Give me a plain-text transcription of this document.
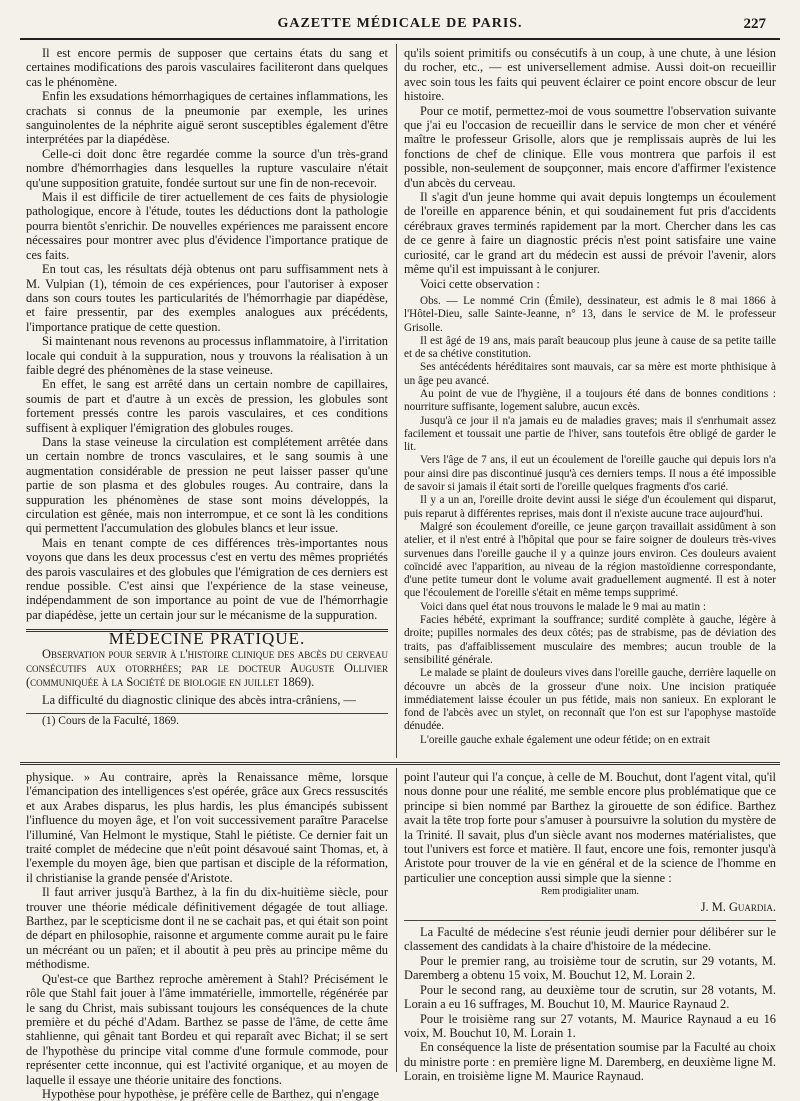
GAZETTE MÉDICALE DE PARIS.	227

Il est encore permis de supposer que certains états du sang et certaines modifications des parois vasculaires faciliteront dans quelques cas le phénomène.

Enfin les exsudations hémorrhagiques de certaines inflammations, les crachats si connus de la pneumonie par exemple, les urines sanguinolentes de la néphrite aiguë seront susceptibles également d'être interprétées par la diapédèse.

Celle-ci doit donc être regardée comme la source d'un très-grand nombre d'hémorrhagies dans lesquelles la rupture vasculaire n'était qu'une supposition gratuite, fondée surtout sur une fin de non-recevoir.

Mais il est difficile de tirer actuellement de ces faits de physiologie pathologique, encore à l'étude, toutes les déductions dont la pathologie pourra bientôt s'enrichir. De nouvelles expériences me paraissent encore nécessaires pour montrer avec plus d'évidence l'importance pratique de ces faits.

En tout cas, les résultats déjà obtenus ont paru suffisamment nets à M. Vulpian (1), témoin de ces expériences, pour l'autoriser à exposer dans son cours toutes les particularités de l'hémorrhagie par diapédèse, et faire pressentir, par des exemples analogues aux précédents, l'importance pratique de cette question.

Si maintenant nous revenons au processus inflammatoire, à l'irritation locale qui conduit à la suppuration, nous y trouvons la réalisation à un faible degré des phénomènes de la stase veineuse.

En effet, le sang est arrêté dans un certain nombre de capillaires, soumis de part et d'autre à un excès de pression, les globules sont fortement pressés contre les parois vasculaires, et ces conditions suffisent à expliquer l'émigration des globules rouges.

Dans la stase veineuse la circulation est complétement arrêtée dans un certain nombre de troncs vasculaires, et le sang soumis à une augmentation considérable de pression ne peut laisser passer qu'une partie de son plasma et des globules rouges. Au contraire, dans la suppuration les phénomènes de stase sont moins développés, la circulation est gênée, mais non interrompue, et ce sont là les conditions qui permettent l'accumulation des globules blancs et leur issue.

Mais en tenant compte de ces différences très-importantes nous voyons que dans les deux processus c'est en vertu des mêmes propriétés des parois vasculaires et des globules que l'émigration de ces derniers est rendue possible. C'est ainsi que l'expérience de la stase veineuse, indépendamment de son importance au point de vue de l'hémorrhagie par diapédèse, jette un certain jour sur le mécanisme de la suppuration.

MÉDECINE PRATIQUE.

Observation pour servir à l'histoire clinique des abcès du cerveau consécutifs aux otorrhées; par le docteur Auguste Ollivier (communiquée à la Société de biologie en juillet 1869).

La difficulté du diagnostic clinique des abcès intra-crâniens, —

(1) Cours de la Faculté, 1869.

qu'ils soient primitifs ou consécutifs à un coup, à une chute, à une lésion du rocher, etc., — est universellement admise. Aussi doit-on recueillir avec soin tous les faits qui peuvent éclairer ce point encore obscur de leur histoire.

Pour ce motif, permettez-moi de vous soumettre l'observation suivante que j'ai eu l'occasion de recueillir dans le service de mon cher et vénéré maître le professeur Grisolle, alors que je remplissais auprès de lui les fonctions de chef de clinique. Elle vous montrera que parfois il est possible, non-seulement de soupçonner, mais encore d'affirmer l'existence d'un abcès du cerveau.

Il s'agit d'un jeune homme qui avait depuis longtemps un écoulement de l'oreille en apparence bénin, et qui soudainement fut pris d'accidents cérébraux graves terminés rapidement par la mort. Chercher dans les cas de ce genre à faire un diagnostic précis n'est point satisfaire une vaine curiosité, car le grand art du médecin est aussi de prévoir l'avenir, alors même qu'il est impuissant à le conjurer.

Voici cette observation :

Obs. — Le nommé Crin (Émile), dessinateur, est admis le 8 mai 1866 à l'Hôtel-Dieu, salle Sainte-Jeanne, n° 13, dans le service de M. le professeur Grisolle.

Il est âgé de 19 ans, mais paraît beaucoup plus jeune à cause de sa petite taille et de sa chétive constitution.

Ses antécédents héréditaires sont mauvais, car sa mère est morte phthisique à un âge peu avancé.

Au point de vue de l'hygiène, il a toujours été dans de bonnes conditions : nourriture suffisante, logement salubre, aucun excès.

Jusqu'à ce jour il n'a jamais eu de maladies graves; mais il s'enrhumait assez facilement et toussait une partie de l'hiver, sans toutefois être obligé de garder le lit.

Vers l'âge de 7 ans, il eut un écoulement de l'oreille gauche qui depuis lors n'a pour ainsi dire pas discontinué jusqu'à ces derniers temps. Il nous a été impossible de savoir si jamais il était sorti de l'oreille quelques fragments d'os carié.

Il y a un an, l'oreille droite devint aussi le siége d'un écoulement qui disparut, puis reparut à différentes reprises, mais dont il n'existe aucune trace aujourd'hui.

Malgré son écoulement d'oreille, ce jeune garçon travaillait assidûment à son atelier, et il n'est entré à l'hôpital que pour se faire soigner de douleurs très-vives survenues dans l'oreille gauche il y a quinze jours environ. Ces douleurs avaient coïncidé avec l'apparition, au niveau de la région mastoïdienne correspondante, d'une petite tumeur dont le volume avait graduellement augmenté. Il est à noter que l'écoulement de l'oreille s'était en même temps supprimé.

Voici dans quel état nous trouvons le malade le 9 mai au matin :

Facies hébété, exprimant la souffrance; surdité complète à gauche, légère à droite; pupilles normales des deux côtés; pas de strabisme, pas de déviation des traits, pas d'affaiblissement musculaire des membres; aucun trouble de la sensibilité générale.

Le malade se plaint de douleurs vives dans l'oreille gauche, derrière laquelle on découvre un abcès de la grosseur d'une noix. Une incision pratiquée immédiatement laisse écouler un pus fétide, mais non sanieux. En explorant le fond de l'abcès avec un stylet, on reconnaît que l'on est sur l'apophyse mastoïde dénudée.

L'oreille gauche exhale également une odeur fétide; on en extrait

physique. » Au contraire, après la Renaissance même, lorsque l'émancipation des intelligences s'est opérée, grâce aux Grecs ressuscités et aux Arabes disparus, les plus hardis, les plus émancipés subissent l'influence du moyen âge, et l'on voit successivement paraître Paracelse l'illuminé, Van Helmont le mystique, Stahl le piétiste. Ce dernier fait un traité complet de médecine que n'eût point désavoué saint Thomas, et, à l'exemple du moyen âge, bien que partisan et disciple de la réformation, il christianise la grande pensée d'Aristote.

Il faut arriver jusqu'à Barthez, à la fin du dix-huitième siècle, pour trouver une théorie médicale définitivement dégagée de tout alliage. Barthez, par le scepticisme dont il ne se cachait pas, et qui était son point de départ en philosophie, raisonne et argumente comme aurait pu le faire un mécréant ou un païen; et il aboutit à peu près au principe même du méthodisme.

Qu'est-ce que Barthez reproche amèrement à Stahl? Précisément le rôle que Stahl fait jouer à l'âme immatérielle, immortelle, régénérée par le sang du Christ, mais subissant toujours les conséquences de la chute première et du péché d'Adam. Barthez se passe de l'âme, de cette âme stahlienne, qui gênait tant Bordeu et qui reparaît avec Bichat; il se sert de l'hypothèse du principe vital comme d'une formule commode, pour représenter cette inconnue, qui est l'activité organique, et au moyen de laquelle il essaye une théorie unitaire des fonctions.

Hypothèse pour hypothèse, je préfère celle de Barthez, qui n'engage

point l'auteur qui l'a conçue, à celle de M. Bouchut, dont l'agent vital, qu'il nous donne pour une réalité, me semble encore plus problématique que ce principe si bien nommé par Barthez la girouette de son édifice. Barthez avait la tête trop forte pour s'amuser à poursuivre la solution du mystère de la Trinité. Il savait, plus d'un siècle avant nos modernes matérialistes, que tout l'univers est force et matière. Il faut, encore une fois, remonter jusqu'à Aristote pour trouver de la vie en général et de la science de l'homme en particulier une conception aussi simple que la sienne :

Rem prodigialiter unam.

J. M. Guardia.

La Faculté de médecine s'est réunie jeudi dernier pour délibérer sur le classement des candidats à la chaire d'histoire de la médecine.

Pour le premier rang, au troisième tour de scrutin, sur 29 votants, M. Daremberg a obtenu 15 voix, M. Bouchut 12, M. Lorain 2.

Pour le second rang, au deuxième tour de scrutin, sur 28 votants, M. Lorain a eu 16 suffrages, M. Bouchut 10, M. Maurice Raynaud 2.

Pour le troisième rang sur 27 votants, M. Maurice Raynaud a eu 16 voix, M. Bouchut 10, M. Lorain 1.

En conséquence la liste de présentation soumise par la Faculté au choix du ministre porte : en première ligne M. Daremberg, en deuxième ligne M. Lorain, en troisième ligne M. Maurice Raynaud.
